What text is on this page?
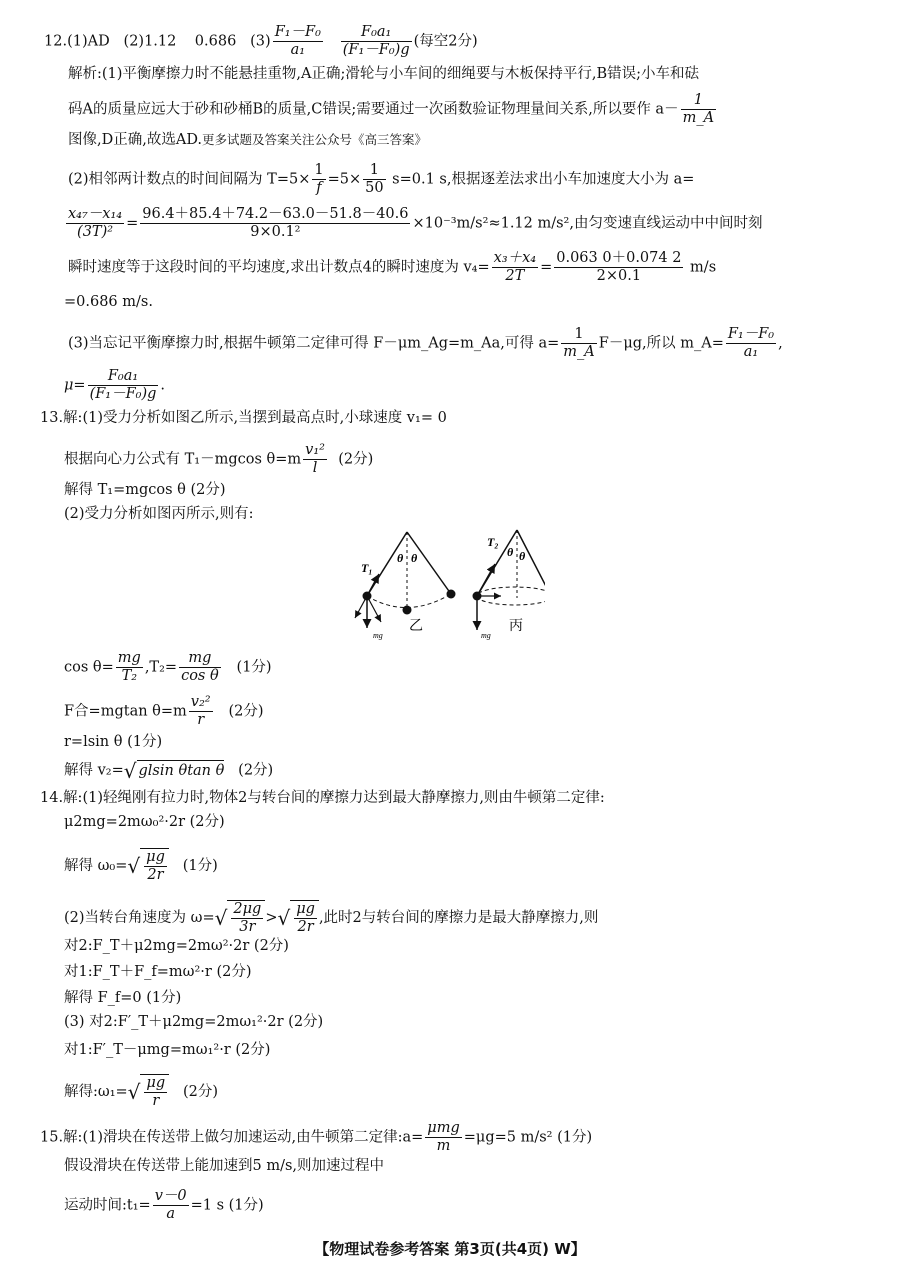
12.(1)AD (2)1.12 0.686 $(3) \frac{\text{F₁－F₀}}{\text{a₁}}$
$\frac{\text{F₀a₁}}{\text{(F₁－F₀)g}}$ (每空2分)
解析:(1)平衡摩擦力时不能悬挂重物,A正确;滑轮与小车间的细绳要与木板保持平行,B错误;小车和砝
码A的质量应远大于砂和砂桶B的质量,C错误;需要通过一次函数验证物理量间关系,所以要作 $a- \frac{1}{m\_A}$
图像,D正确,故选AD.更多试题及答案关注公众号《高三答案》
(2)相邻两计数点的时间间隔为 $T=5\times \frac{1}{f} =5\times \frac{1}{50} s=0.1$ s,根据逐差法求出小车加速度大小为 a=
$\frac{\text{x₄₇－x₁₄}}{\text{(3T)²}} = \frac{96.4+85.4+74.2-63.0-51.8-40.6}{\text{9×0.1²}} \times 10^{-3}m/s^2\approx 1.12$ m/s²,由匀变速直线运动中中间时刻
瞬时速度等于这段时间的平均速度,求出计数点4的瞬时速度为 $v_4= \frac{\text{x₃＋x₄}}{2T} = \frac{0.063 0+0.074 2}{2\times 0.1} m/s$
=0.686 m/s.
(3)当忘记平衡摩擦力时,根据牛顿第二定律可得 F－μm_Ag=m_Aa,可得 $a= \frac{1}{m\_A} F-\mu g$,所以 m_A= $\frac{\text{F₁－F₀}}{\text{a₁}}$ ,
$\mu= \frac{\text{F₀a₁}}{\text{(F₁－F₀)g}}$ .
13.解:(1)受力分析如图乙所示,当摆到最高点时,小球速度 v₁= 0
根据向心力公式有 T₁－mgcos $\theta=m \frac{\text{v₁²}}{l} (2$分)
解得 T₁=mgcos θ (2分)
(2)受力分析如图丙所示,则有:
T₁
θ θ
mg
乙
T₂
θ θ
mg
丙
$\cos \theta= \frac{mg}{\text{T₂}} ,T_2= \frac{mg}{\text{cos θ}} (1$分)
F合=mgtan $\theta=m \frac{\text{v₂²}}{r} (2$分)
r=lsin θ (1分)
解得 v₂=√ glsin θtan θ (2分)
14.解:(1)轻绳刚有拉力时,物体2与转台间的摩擦力达到最大静摩擦力,则由牛顿第二定律:
μ2mg=2mω₀²·2r (2分)
解得 $\omega_0=√ \frac{\mu g}{2r} (1$分)
(2)当转台角速度为 $\omega=√ \frac{2\mu g}{3r}$ >√ $\frac{\mu g}{2r}$ ,此时2与转台间的摩擦力是最大静摩擦力,则
对2:F_T＋μ2mg=2mω²·2r (2分)
对1:F_T＋F_f=mω²·r (2分)
解得 F_f=0 (1分)
(3) 对2:F′_T＋μ2mg=2mω₁²·2r (2分)
对1:F′_T－μmg=mω₁²·r (2分)
解得:ω₁=√ $\frac{\mu g}{r} (2$分)
15.解:(1)滑块在传送带上做匀加速运动,由牛顿第二定律:a=
μmg
m
=μg=5 m/s² (1分)
假设滑块在传送带上能加速到5 m/s,则加速过程中
运动时间:t₁= $\frac{v-0}{a} =1$ s (1分)
【物理试卷参考答案 第3页(共4页) W】
